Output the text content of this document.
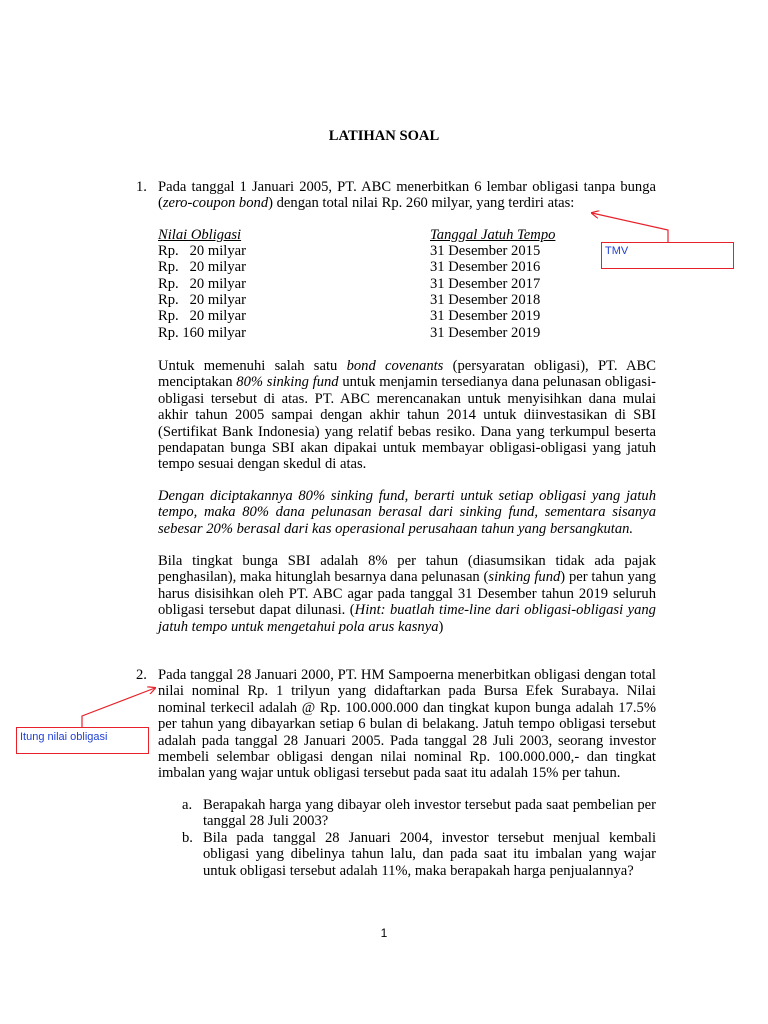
LATIHAN SOAL
1. Pada tanggal 1 Januari 2005, PT. ABC menerbitkan 6 lembar obligasi tanpa bunga (zero-coupon bond) dengan total nilai Rp. 260 milyar, yang terdiri atas:

Nilai Obligasi	Tanggal Jatuh Tempo
Rp.   20 milyar	31 Desember 2015
Rp.   20 milyar	31 Desember 2016
Rp.   20 milyar	31 Desember 2017
Rp.   20 milyar	31 Desember 2018
Rp.   20 milyar	31 Desember 2019
Rp. 160 milyar	31 Desember 2019

Untuk memenuhi salah satu bond covenants (persyaratan obligasi), PT. ABC menciptakan 80% sinking fund untuk menjamin tersedianya dana pelunasan obligasi-obligasi tersebut di atas. PT. ABC merencanakan untuk menyisihkan dana mulai akhir tahun 2005 sampai dengan akhir tahun 2014 untuk diinvestasikan di SBI (Sertifikat Bank Indonesia) yang relatif bebas resiko. Dana yang terkumpul beserta pendapatan bunga SBI akan dipakai untuk membayar obligasi-obligasi yang jatuh tempo sesuai dengan skedul di atas.

Dengan diciptakannya 80% sinking fund, berarti untuk setiap obligasi yang jatuh tempo, maka 80% dana pelunasan berasal dari sinking fund, sementara sisanya sebesar 20% berasal dari kas operasional perusahaan tahun yang bersangkutan.

Bila tingkat bunga SBI adalah 8% per tahun (diasumsikan tidak ada pajak penghasilan), maka hitunglah besarnya dana pelunasan (sinking fund) per tahun yang harus disisihkan oleh PT. ABC agar pada tanggal 31 Desember tahun 2019 seluruh obligasi tersebut dapat dilunasi. (Hint: buatlah time-line dari obligasi-obligasi yang jatuh tempo untuk mengetahui pola arus kasnya)

2. Pada tanggal 28 Januari 2000, PT. HM Sampoerna menerbitkan obligasi dengan total nilai nominal Rp. 1 trilyun yang didaftarkan pada Bursa Efek Surabaya. Nilai nominal terkecil adalah @ Rp. 100.000.000 dan tingkat kupon bunga adalah 17.5% per tahun yang dibayarkan setiap 6 bulan di belakang. Jatuh tempo obligasi tersebut adalah pada tanggal 28 Januari 2005. Pada tanggal 28 Juli 2003, seorang investor membeli selembar obligasi dengan nilai nominal Rp. 100.000.000,- dan tingkat imbalan yang wajar untuk obligasi tersebut pada saat itu adalah 15% per tahun.
a. Berapakah harga yang dibayar oleh investor tersebut pada saat pembelian per tanggal 28 Juli 2003?
b. Bila pada tanggal 28 Januari 2004, investor tersebut menjual kembali obligasi yang dibelinya tahun lalu, dan pada saat itu imbalan yang wajar untuk obligasi tersebut adalah 11%, maka berapakah harga penjualannya?
TMV
Itung nilai obligasi
1
